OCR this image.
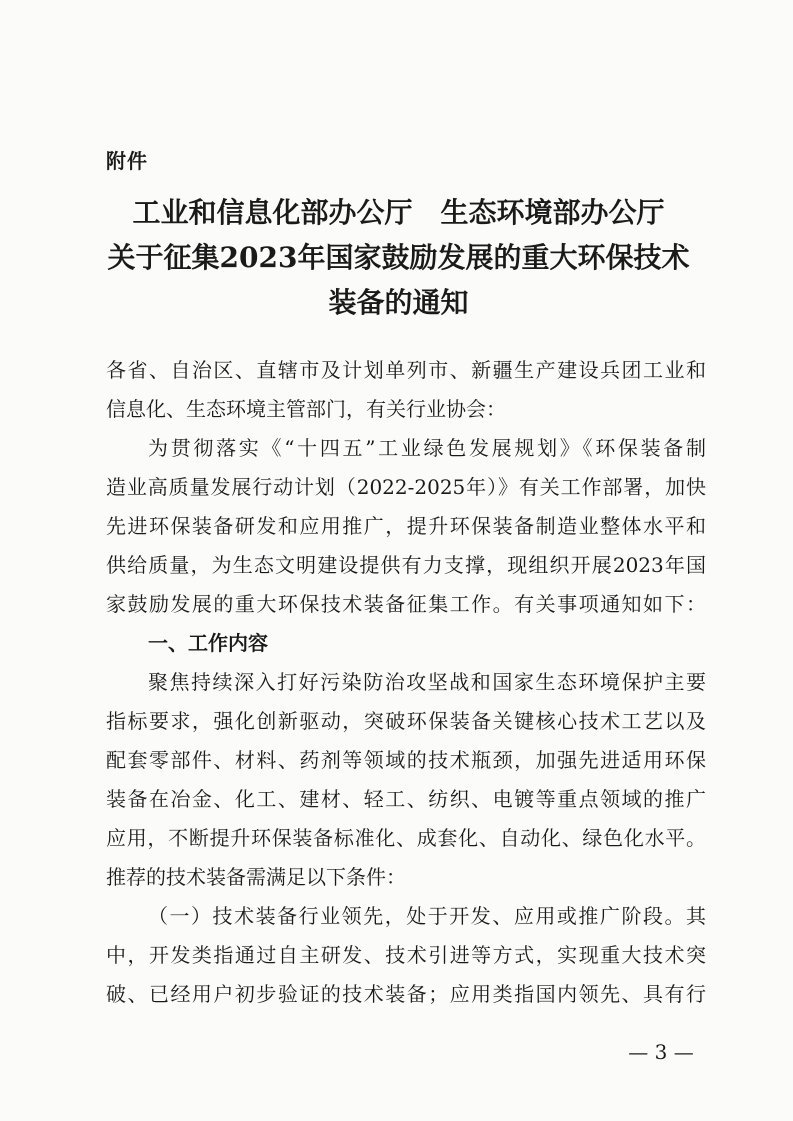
附件
工业和信息化部办公厅　生态环境部办公厅
关于征集2023年国家鼓励发展的重大环保技术
装备的通知
各省、自治区、直辖市及计划单列市、新疆生产建设兵团工业和
信息化、生态环境主管部门，有关行业协会：
为贯彻落实《“十四五”工业绿色发展规划》《环保装备制
造业高质量发展行动计划（2022-2025年）》有关工作部署，加快
先进环保装备研发和应用推广，提升环保装备制造业整体水平和
供给质量，为生态文明建设提供有力支撑，现组织开展2023年国
家鼓励发展的重大环保技术装备征集工作。有关事项通知如下：
一、工作内容
聚焦持续深入打好污染防治攻坚战和国家生态环境保护主要
指标要求，强化创新驱动，突破环保装备关键核心技术工艺以及
配套零部件、材料、药剂等领域的技术瓶颈，加强先进适用环保
装备在冶金、化工、建材、轻工、纺织、电镀等重点领域的推广
应用，不断提升环保装备标准化、成套化、自动化、绿色化水平。
推荐的技术装备需满足以下条件：
（一）技术装备行业领先，处于开发、应用或推广阶段。其
中，开发类指通过自主研发、技术引进等方式，实现重大技术突
破、已经用户初步验证的技术装备；应用类指国内领先、具有行
— 3 —
